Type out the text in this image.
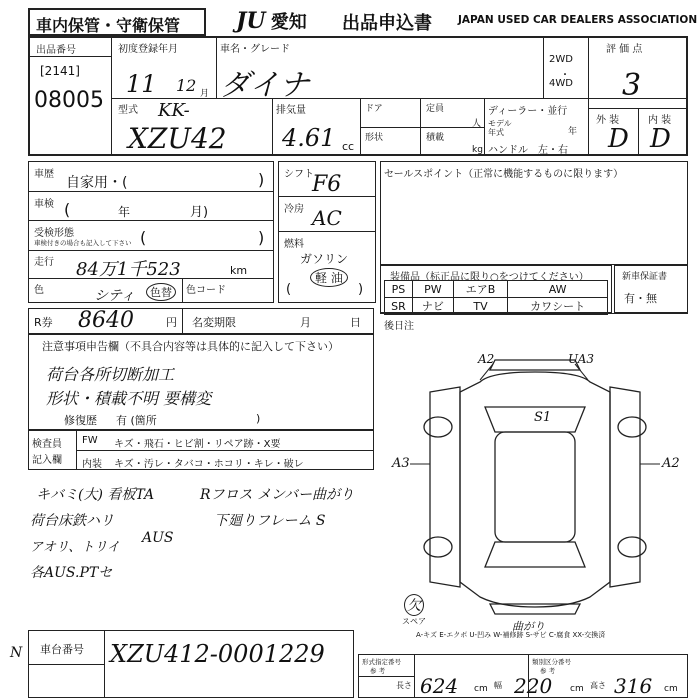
車内保管・守衛保管	JU 愛知 出品申込書 JAPAN USED CAR DEALERS ASSOCIATION
出品番号
[2141]
08005
初度登録年月
11 12 月
車名・グレード
ダイナ
2WD
・
4WD
評 価 点
3
型式 KK-
XZU42
排気量
4.61 cc
ドア	定員
人
形状	積載
kg
ディーラー・並行
モデル
年式	年
ハンドル 左・右
外 装	内 装
D D
車歴
自家用・(	)
車検 (	年	月)
受検形態
車検付きの場合も記入して下さい (	)
走行 84万1千523	km
色	シティ	色替	色コード
シフト
F6
冷房 AC
燃料
ガソリン
軽 油
(	)
セールスポイント（正常に機能するものに限ります）
装備品（标正品に限り○をつけてください）
PS	PW	エアB	AW
SR	ナビ	TV	カワシート
新車保証書
有・無
R券 8640	円 名変期限	月	日 後日注
注意事項申告欄（不具合内容等は具体的に記入して下さい）
荷台各所切断加工
形状・積載不明 要構変
修復歴 有 (箇所	)
検査員
記入欄
FW キズ・飛石・ヒビ割・リペア跡・X要
内装 キズ・汚レ・タバコ・ホコリ・キレ・破レ
キバミ(大) 看板TA
荷台床鉄ハリ
アオリ、トリイ
各AUS.PTセ
AUS
Rフロス メンバー曲がり
下廻りフレーム S
A2	UA3
S1
A3	A2
欠
スペア	曲がり
A-キズ E-エクボ U-凹み W-補修跡 S-サビ C-腐食 XX-交換済
N 車台番号 XZU412-0001229	形式指定番号
参 考
類別区分番号
参 考
長さ 624 cm 幅 220 cm 高さ 316 cm
